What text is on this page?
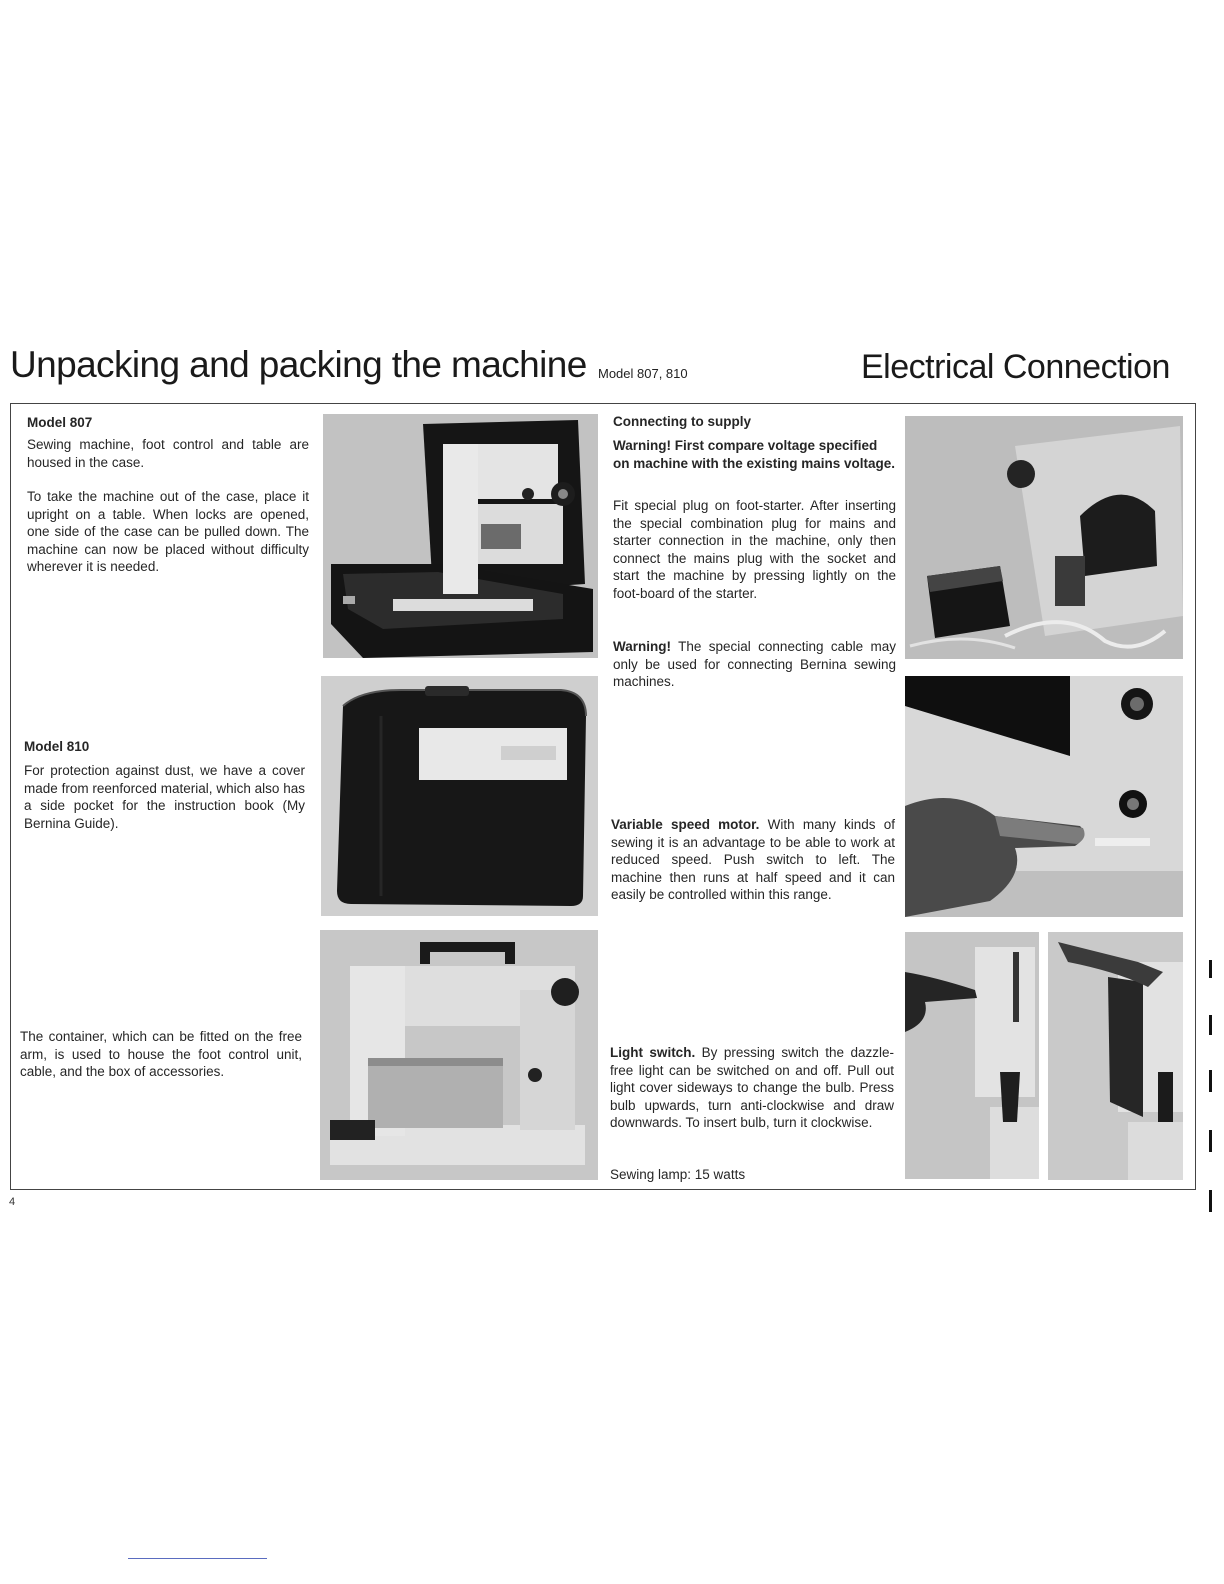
Unpacking and packing the machine Model 807, 810	Electrical Connection
Model 807

Sewing machine, foot control and table are housed in the case.

To take the machine out of the case, place it upright on a table. When locks are opened, one side of the case can be pulled down. The machine can now be placed without difficulty wherever it is needed.

Model 810

For protection against dust, we have a cover made from reenforced material, which also has a side pocket for the instruction book (My Bernina Guide).

The container, which can be fitted on the free arm, is used to house the foot control unit, cable, and the box of accessories.

Connecting to supply

Warning! First compare voltage specified on machine with the existing mains voltage.

Fit special plug on foot-starter. After inserting the special combination plug for mains and starter connection in the machine, only then connect the mains plug with the socket and start the machine by pressing lightly on the foot-board of the starter.

Warning! The special connecting cable may only be used for connecting Bernina sewing machines.

Variable speed motor. With many kinds of sewing it is an advantage to be able to work at reduced speed. Push switch to left. The machine then runs at half speed and it can easily be controlled within this range.

Light switch. By pressing switch the dazzle-free light can be switched on and off. Pull out light cover sideways to change the bulb. Press bulb upwards, turn anti-clockwise and draw downwards. To insert bulb, turn it clockwise.

Sewing lamp: 15 watts
4
